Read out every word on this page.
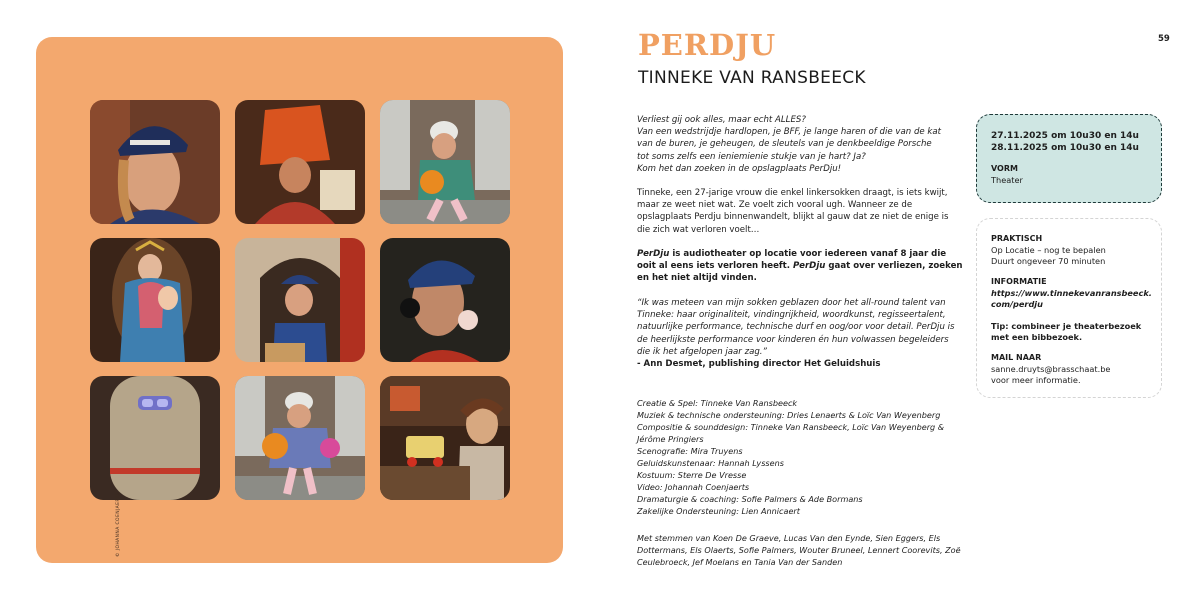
© JOHANNA COENJAERTS
59
PERDJU
TINNEKE VAN RANSBEECK

Verliest gij ook alles, maar echt ALLES?

Van een wedstrijdje hardlopen, je BFF, je lange haren of die van de kat

van de buren, je geheugen, de sleutels van je denkbeeldige Porsche

tot soms zelfs een ieniemienie stukje van je hart? Ja?

Kom het dan zoeken in de opslagplaats PerDju!

Tinneke, een 27-jarige vrouw die enkel linkersokken draagt, is iets kwijt, maar ze weet niet wat. Ze voelt zich vooral ugh. Wanneer ze de opslagplaats Perdju binnenwandelt, blijkt al gauw dat ze niet de enige is die zich wat verloren voelt…

PerDju is audiotheater op locatie voor iedereen vanaf 8 jaar die ooit al eens iets verloren heeft. PerDju gaat over verliezen, zoeken en het niet altijd vinden.

“Ik was meteen van mijn sokken geblazen door het all-round talent van Tinneke: haar originaliteit, vindingrijkheid, woordkunst, regisseertalent, natuurlijke performance, technische durf en oog/oor voor detail. PerDju is de heerlijkste performance voor kinderen én hun volwassen begeleiders die ik het afgelopen jaar zag.”

- Ann Desmet, publishing director Het Geluidshuis

Creatie & Spel: Tinneke Van Ransbeeck

Muziek & technische ondersteuning: Dries Lenaerts & Loïc Van Weyenberg

Compositie & sounddesign: Tinneke Van Ransbeeck, Loïc Van Weyenberg &

Jérôme Pringiers

Scenografie: Mira Truyens

Geluidskunstenaar: Hannah Lyssens

Kostuum: Sterre De Vresse

Video: Johannah Coenjaerts

Dramaturgie & coaching: Sofie Palmers & Ade Bormans

Zakelijke Ondersteuning: Lien Annicaert

Met stemmen van Koen De Graeve, Lucas Van den Eynde, Sien Eggers, Els

Dottermans, Els Olaerts, Sofie Palmers, Wouter Bruneel, Lennert Coorevits, Zoë

Ceulebroeck, Jef Moelans en Tania Van der Sanden

27.11.2025 om 10u30 en 14u
28.11.2025 om 10u30 en 14u
VORM
Theater
PRAKTISCH
Op Locatie – nog te bepalen
Duurt ongeveer 70 minuten
INFORMATIE
https://www.tinnekevanransbeeck.
com/perdju
Tip: combineer je theaterbezoek
met een bibbezoek.
MAIL NAAR
sanne.druyts@brasschaat.be
voor meer informatie.
